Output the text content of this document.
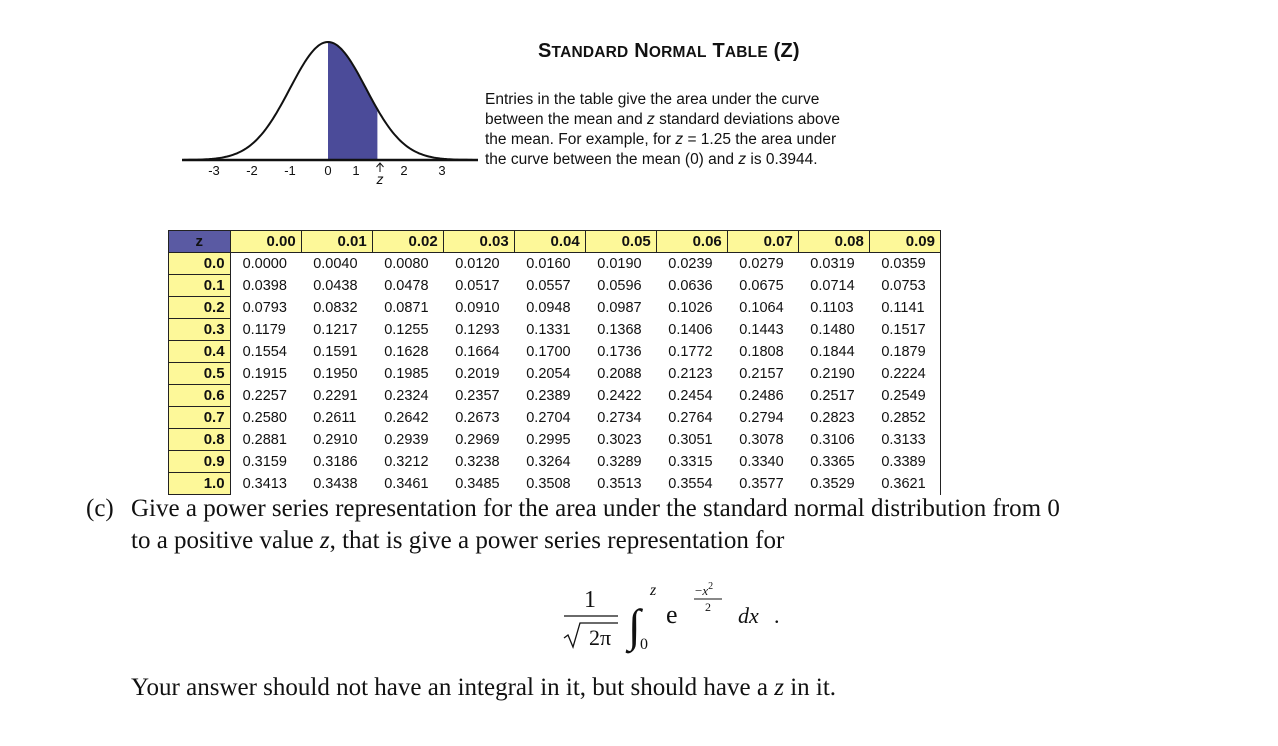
-3 -2 -1 0 1	2 3
z
STANDARD NORMAL TABLE (Z)
Entries in the table give the area under the curve
between the mean and z standard deviations above
the mean. For example, for z = 1.25 the area under
the curve between the mean (0) and z is 0.3944.
z	0.00	0.01	0.02	0.03	0.04	0.05	0.06	0.07	0.08	0.09
0.0	0.0000	0.0040	0.0080	0.0120	0.0160	0.0190	0.0239	0.0279	0.0319	0.0359
0.1	0.0398	0.0438	0.0478	0.0517	0.0557	0.0596	0.0636	0.0675	0.0714	0.0753
0.2	0.0793	0.0832	0.0871	0.0910	0.0948	0.0987	0.1026	0.1064	0.1103	0.1141
0.3	0.1179	0.1217	0.1255	0.1293	0.1331	0.1368	0.1406	0.1443	0.1480	0.1517
0.4	0.1554	0.1591	0.1628	0.1664	0.1700	0.1736	0.1772	0.1808	0.1844	0.1879
0.5	0.1915	0.1950	0.1985	0.2019	0.2054	0.2088	0.2123	0.2157	0.2190	0.2224
0.6	0.2257	0.2291	0.2324	0.2357	0.2389	0.2422	0.2454	0.2486	0.2517	0.2549
0.7	0.2580	0.2611	0.2642	0.2673	0.2704	0.2734	0.2764	0.2794	0.2823	0.2852
0.8	0.2881	0.2910	0.2939	0.2969	0.2995	0.3023	0.3051	0.3078	0.3106	0.3133
0.9	0.3159	0.3186	0.3212	0.3238	0.3264	0.3289	0.3315	0.3340	0.3365	0.3389
1.0	0.3413	0.3438	0.3461	0.3485	0.3508	0.3513	0.3554	0.3577	0.3529	0.3621
(c) Give a power series representation for the area under the standard normal distribution from 0
to a positive value z, that is give a power series representation for
1
2π ∫
z
0
e
$-x^2$
2 dx .
Your answer should not have an integral in it, but should have a z in it.
